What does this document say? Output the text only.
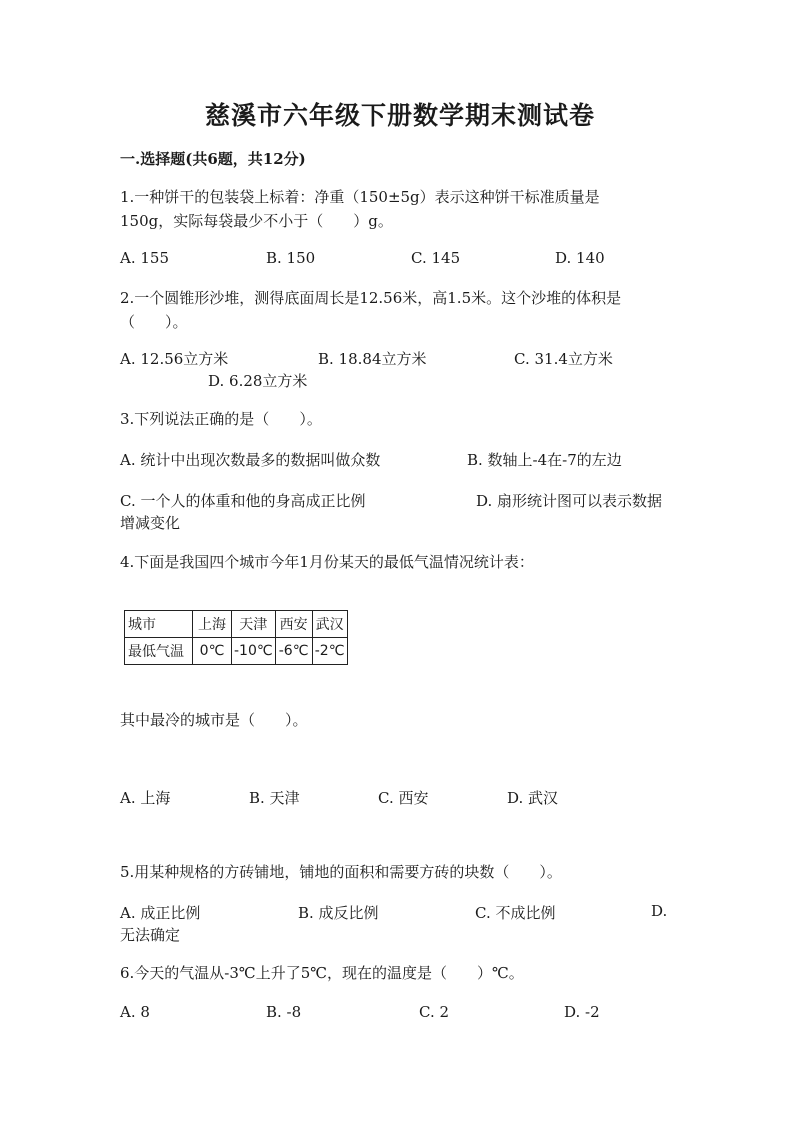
慈溪市六年级下册数学期末测试卷
一.选择题(共6题，共12分)
1.一种饼干的包装袋上标着：净重（150±5g）表示这种饼干标准质量是
150g，实际每袋最少不小于（　　）g。
A. 155	B. 150	C. 145	D. 140
2.一个圆锥形沙堆，测得底面周长是12.56米，高1.5米。这个沙堆的体积是
（　　）。
A. 12.56立方米	B. 18.84立方米	C. 31.4立方米
D. 6.28立方米
3.下列说法正确的是（　　）。
A. 统计中出现次数最多的数据叫做众数	B. 数轴上-4在-7的左边
C. 一个人的体重和他的身高成正比例	D. 扇形统计图可以表示数据
增减变化
4.下面是我国四个城市今年1月份某天的最低气温情况统计表：
城市	上海	天津	西安	武汉
最低气温	0℃	-10℃	-6℃	-2℃
其中最冷的城市是（　　）。
A. 上海	B. 天津	C. 西安	D. 武汉
5.用某种规格的方砖铺地，铺地的面积和需要方砖的块数（　　）。
A. 成正比例	B. 成反比例	C. 不成比例	D.
无法确定
6.今天的气温从-3℃上升了5℃，现在的温度是（　　）℃。
A. 8	B. -8	C. 2	D. -2
